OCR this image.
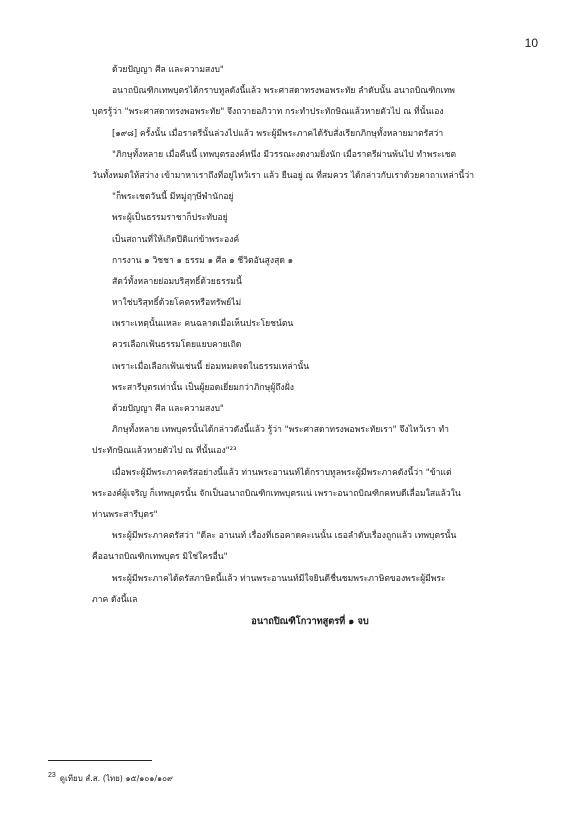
10
ด้วยปัญญา ศีล และความสงบ"
อนาถบิณฑิกเทพบุตรได้กราบทูลดังนี้แล้ว พระศาสดาทรงพอพระทัย ลำดับนั้น อนาถบิณฑิกเทพ
บุตรรู้ว่า "พระศาสดาทรงพอพระทัย" จึงถวายอภิวาท กระทำประทักษิณแล้วหายตัวไป ณ ที่นั้นเอง
[๑๙๘] ครั้งนั้น เมื่อราตรีนั้นล่วงไปแล้ว พระผู้มีพระภาคได้รับสั่งเรียกภิกษุทั้งหลายมาตรัสว่า
"ภิกษุทั้งหลาย เมื่อคืนนี้ เทพบุตรองค์หนึ่ง มีวรรณะงดงามยิ่งนัก เมื่อราตรีผ่านพ้นไป ทำพระเชต
วันทั้งหมดให้สว่าง เข้ามาหาเราถึงที่อยู่ไหว้เรา แล้ว ยืนอยู่ ณ ที่สมควร ได้กล่าวกับเราด้วยคาถาเหล่านี้ว่า
"ก็พระเชตวันนี้ มีหมู่ฤๅษีพำนักอยู่
พระผู้เป็นธรรมราชาก็ประทับอยู่
เป็นสถานที่ให้เกิดปีติแก่ข้าพระองค์
การงาน ๑ วิชชา ๑ ธรรม ๑ ศีล ๑ ชีวิตอันสูงสุด ๑
สัตว์ทั้งหลายย่อมบริสุทธิ์ด้วยธรรมนี้
หาใช่บริสุทธิ์ด้วยโคตรหรือทรัพย์ไม่
เพราะเหตุนั้นแหละ คนฉลาดเมื่อเห็นประโยชน์ตน
ควรเลือกเฟ้นธรรมโดยแยบคายเถิด
เพราะเมื่อเลือกเฟ้นเช่นนี้ ย่อมหมดจดในธรรมเหล่านั้น
พระสารีบุตรเท่านั้น เป็นผู้ยอดเยี่ยมกว่าภิกษุผู้ถึงฝั่ง
ด้วยปัญญา ศีล และความสงบ"
ภิกษุทั้งหลาย เทพบุตรนั้นได้กล่าวดังนี้แล้ว รู้ว่า "พระศาสดาทรงพอพระทัยเรา" จึงไหว้เรา ทำ
ประทักษิณแล้วหายตัวไป ณ ที่นั้นเอง"²³
เมื่อพระผู้มีพระภาคตรัสอย่างนี้แล้ว ท่านพระอานนท์ได้กราบทูลพระผู้มีพระภาคดังนี้ว่า "ข้าแต่
พระองค์ผู้เจริญ ก็เทพบุตรนั้น จักเป็นอนาถบิณฑิกเทพบุตรแน่ เพราะอนาถบิณฑิกคหบดีเลื่อมใสแล้วใน
ท่านพระสารีบุตร"
พระผู้มีพระภาคตรัสว่า "ดีละ อานนท์ เรื่องที่เธอคาดคะเนนั้น เธอลำดับเรื่องถูกแล้ว เทพบุตรนั้น
คืออนาถบิณฑิกเทพบุตร มิใช่ใครอื่น"
พระผู้มีพระภาคได้ตรัสภาษิตนี้แล้ว ท่านพระอานนท์มีใจยินดีชื่นชมพระภาษิตของพระผู้มีพระ
ภาค ดังนี้แล
อนาถปิณฑิโกวาทสูตรที่ ๑ จบ
23 ดูเทียบ สํ.ส. (ไทย) ๑๕/๑๐๑/๑๐๙
